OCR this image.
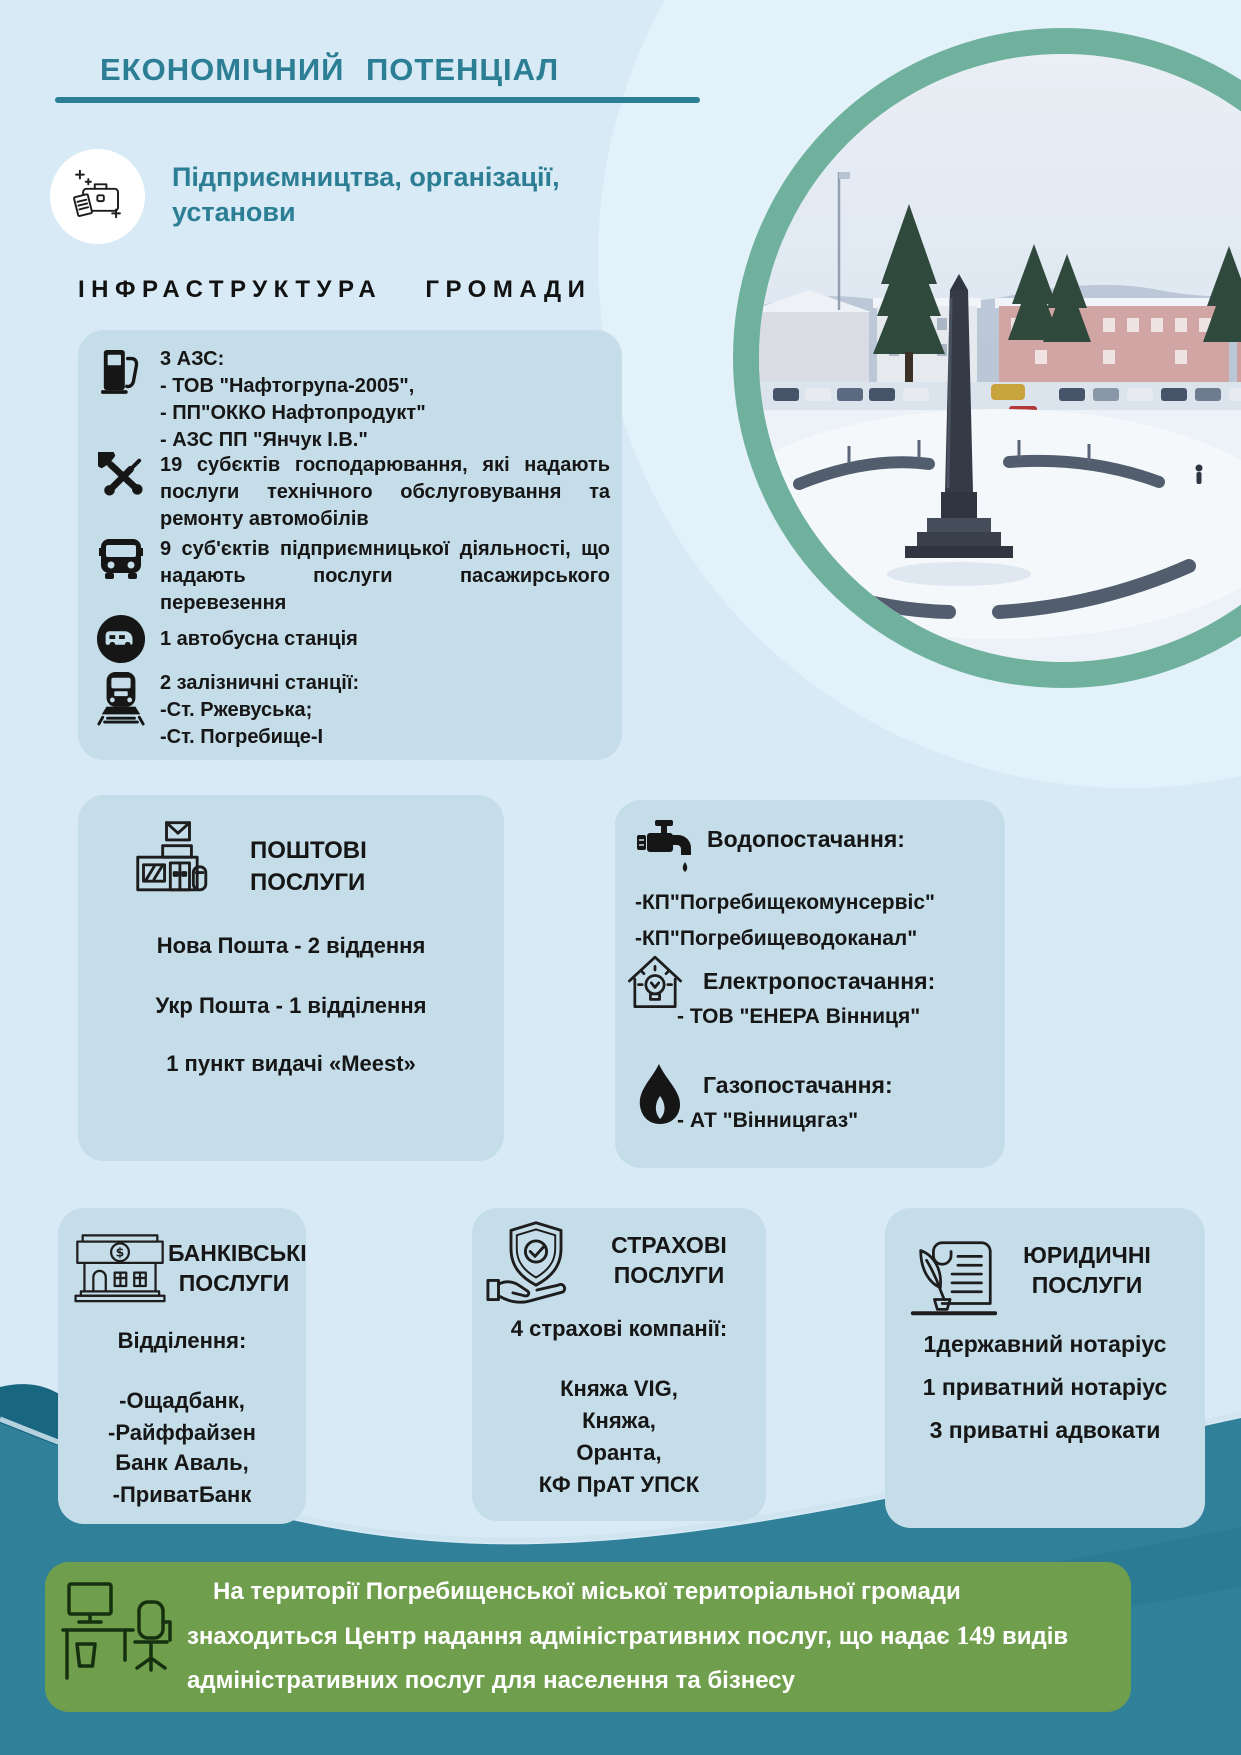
ЕКОНОМІЧНИЙ ПОТЕНЦІАЛ
Підприємництва, організації, установи
ІНФРАСТРУКТУРА ГРОМАДИ
3 АЗС:
- ТОВ "Нафтогрупа-2005",
- ПП"ОККО Нафтопродукт"
- АЗС ПП "Янчук І.В."
19 субєктів господарювання, які надають послуги технічного обслуговування та ремонту автомобілів
9 суб'єктів підприємницької діяльності, що надають послуги пасажирського перевезення
1 автобусна станція
2 залізничні станції:
-Ст. Ржевуська;
-Ст. Погребище-І
ПОШТОВІ ПОСЛУГИ
Нова Пошта - 2 віддення
Укр Пошта - 1 відділення
1 пункт видачі «Meest»
Водопостачання:
-КП"Погребищекомунсервіс"
-КП"Погребищеводоканал"
Електропостачання:
- ТОВ "ЕНЕРА Вінниця"
Газопостачання:
- АТ "Вінницягаз"
$ БАНКІВСЬКІ ПОСЛУГИ
Відділення:
-Ощадбанк,
-Райффайзен Банк Аваль,
-ПриватБанк
СТРАХОВІ ПОСЛУГИ
4 страхові компанії:
Княжа VIG,
Княжа,
Оранта,
КФ ПрАТ УПСК
ЮРИДИЧНІ ПОСЛУГИ
1державний нотаріус
1 приватний нотаріус
3 приватні адвокати
На території Погребищенської міської територіальної громади
знаходиться Центр надання адміністративних послуг, що надає 149 видів
адміністративних послуг для населення та бізнесу
